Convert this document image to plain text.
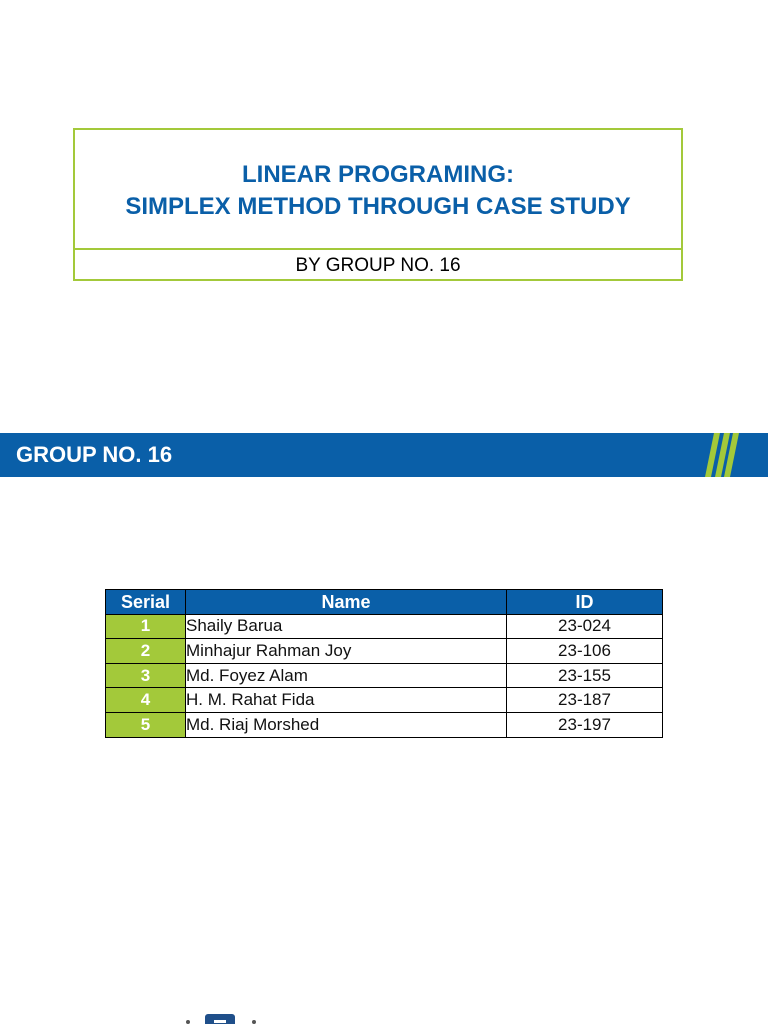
LINEAR PROGRAMING:
SIMPLEX METHOD THROUGH CASE STUDY
BY GROUP NO. 16
GROUP NO. 16
Serial	Name	ID
1	Shaily Barua	23-024
2	Minhajur Rahman Joy	23-106
3	Md. Foyez Alam	23-155
4	H. M. Rahat Fida	23-187
5	Md. Riaj Morshed	23-197
